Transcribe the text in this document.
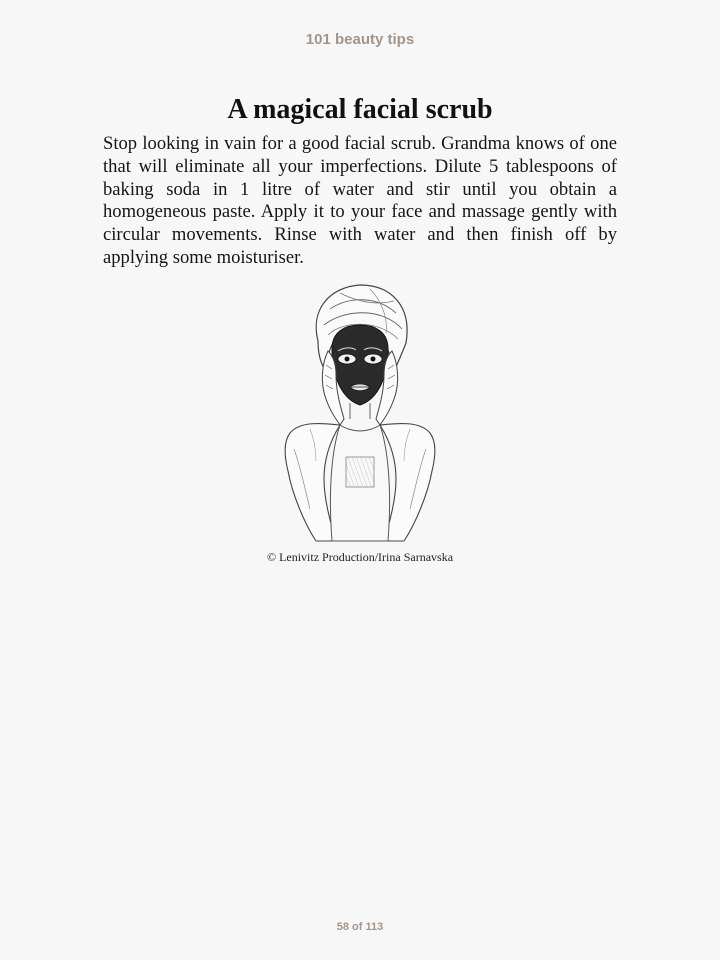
101 beauty tips
A magical facial scrub

Stop looking in vain for a good facial scrub. Grandma knows of one that will eliminate all your imperfections. Dilute 5 tablespoons of baking soda in 1 litre of water and stir until you obtain a homogeneous paste. Apply it to your face and massage gently with circular movements. Rinse with water and then finish off by applying some moisturiser.

© Lenivitz Production/Irina Sarnavska
58 of 113
